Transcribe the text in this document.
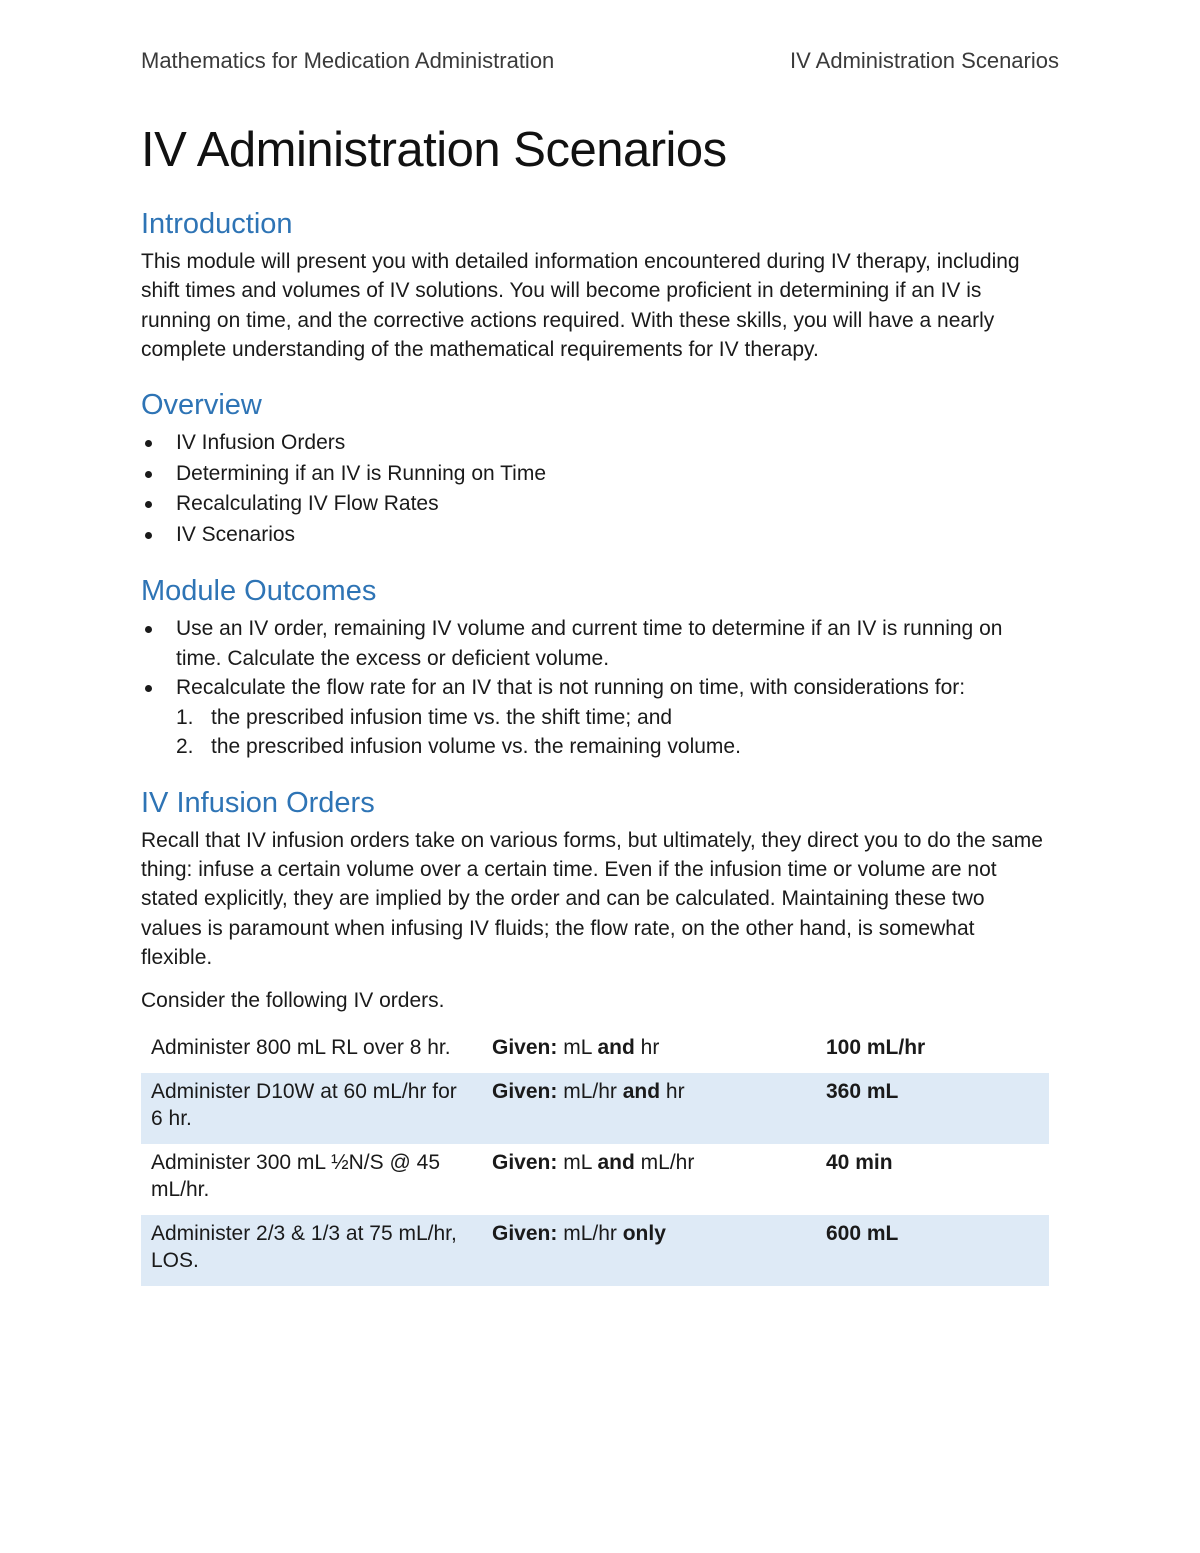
Mathematics for Medication Administration	IV Administration Scenarios
IV Administration Scenarios
Introduction

This module will present you with detailed information encountered during IV therapy, including shift times and volumes of IV solutions. You will become proficient in determining if an IV is running on time, and the corrective actions required. With these skills, you will have a nearly complete understanding of the mathematical requirements for IV therapy.

Overview
IV Infusion Orders
Determining if an IV is Running on Time
Recalculating IV Flow Rates
IV Scenarios
Module Outcomes
Use an IV order, remaining IV volume and current time to determine if an IV is running on time. Calculate the excess or deficient volume.
Recalculate the flow rate for an IV that is not running on time, with considerations for:
1. the prescribed infusion time vs. the shift time; and
2. the prescribed infusion volume vs. the remaining volume.
IV Infusion Orders

Recall that IV infusion orders take on various forms, but ultimately, they direct you to do the same thing: infuse a certain volume over a certain time. Even if the infusion time or volume are not stated explicitly, they are implied by the order and can be calculated. Maintaining these two values is paramount when infusing IV fluids; the flow rate, on the other hand, is somewhat flexible.

Consider the following IV orders.

Administer 800 mL RL over 8 hr.	Given: mL and hr	100 mL/hr
Administer D10W at 60 mL/hr for 6 hr.	Given: mL/hr and hr	360 mL
Administer 300 mL ½N/S @ 45 mL/hr.	Given: mL and mL/hr	40 min
Administer 2/3 & 1/3 at 75 mL/hr, LOS.	Given: mL/hr only	600 mL
